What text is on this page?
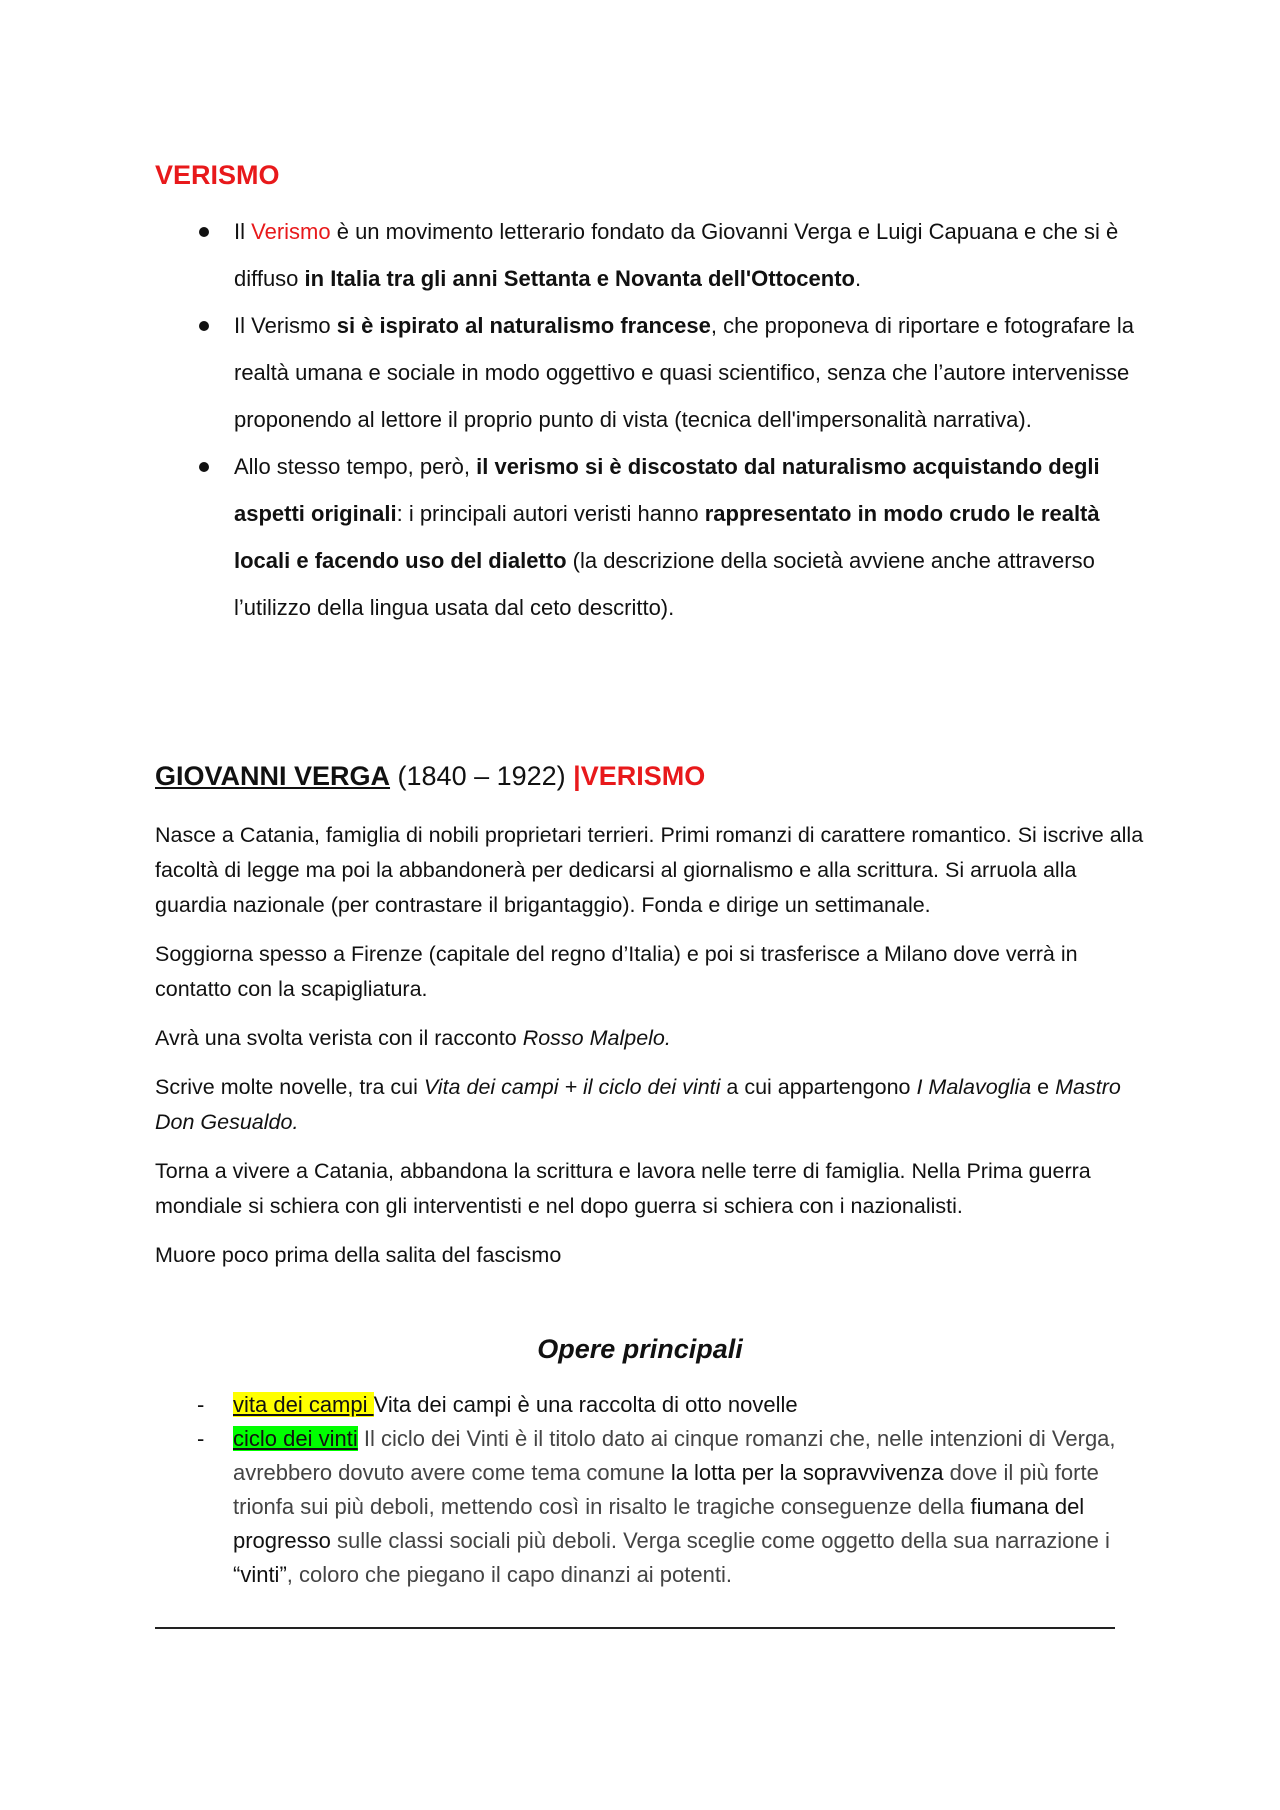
VERISMO
Il Verismo è un movimento letterario fondato da Giovanni Verga e Luigi Capuana e che si è diffuso in Italia tra gli anni Settanta e Novanta dell'Ottocento.
Il Verismo si è ispirato al naturalismo francese, che proponeva di riportare e fotografare la realtà umana e sociale in modo oggettivo e quasi scientifico, senza che l’autore intervenisse proponendo al lettore il proprio punto di vista (tecnica dell'impersonalità narrativa).
Allo stesso tempo, però, il verismo si è discostato dal naturalismo acquistando degli aspetti originali: i principali autori veristi hanno rappresentato in modo crudo le realtà locali e facendo uso del dialetto (la descrizione della società avviene anche attraverso l’utilizzo della lingua usata dal ceto descritto).
GIOVANNI VERGA (1840 – 1922) |VERISMO

Nasce a Catania, famiglia di nobili proprietari terrieri. Primi romanzi di carattere romantico. Si iscrive alla facoltà di legge ma poi la abbandonerà per dedicarsi al giornalismo e alla scrittura. Si arruola alla guardia nazionale (per contrastare il brigantaggio). Fonda e dirige un settimanale.

Soggiorna spesso a Firenze (capitale del regno d’Italia) e poi si trasferisce a Milano dove verrà in contatto con la scapigliatura.

Avrà una svolta verista con il racconto Rosso Malpelo.

Scrive molte novelle, tra cui Vita dei campi + il ciclo dei vinti a cui appartengono I Malavoglia e Mastro Don Gesualdo.

Torna a vivere a Catania, abbandona la scrittura e lavora nelle terre di famiglia. Nella Prima guerra mondiale si schiera con gli interventisti e nel dopo guerra si schiera con i nazionalisti.

Muore poco prima della salita del fascismo

Opere principali
- vita dei campi Vita dei campi è una raccolta di otto novelle
- ciclo dei vinti Il ciclo dei Vinti è il titolo dato ai cinque romanzi che, nelle intenzioni di Verga, avrebbero dovuto avere come tema comune la lotta per la sopravvivenza dove il più forte trionfa sui più deboli, mettendo così in risalto le tragiche conseguenze della fiumana del progresso sulle classi sociali più deboli. Verga sceglie come oggetto della sua narrazione i “vinti”, coloro che piegano il capo dinanzi ai potenti.
